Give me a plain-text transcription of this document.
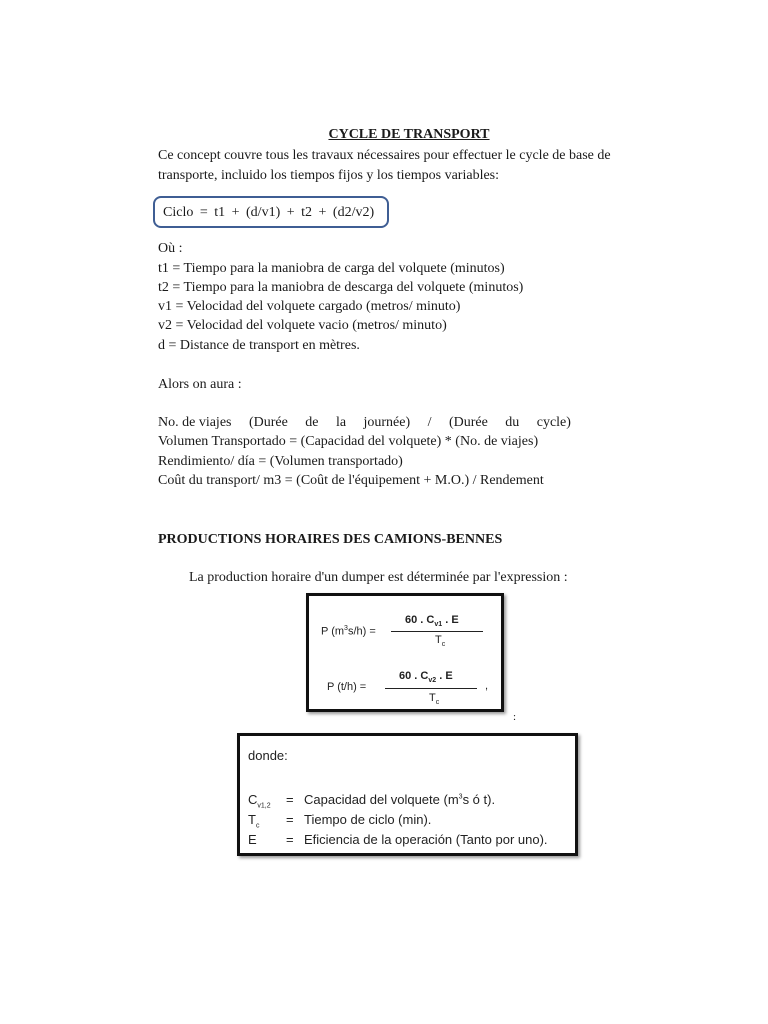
CYCLE DE TRANSPORT
Ce concept couvre tous les travaux nécessaires pour effectuer le cycle de base de transporte, incluido los tiempos fijos y los tiempos variables:
Ciclo = t1 + (d/v1) + t2 + (d2/v2)
Où :
t1 = Tiempo para la maniobra de carga del volquete (minutos)
t2 = Tiempo para la maniobra de descarga del volquete (minutos)
v1 = Velocidad del volquete cargado (metros/ minuto)
v2 = Velocidad del volquete vacio (metros/ minuto)
d = Distance de transport en mètres.
Alors on aura :
No. de viajes (Durée de la journée) / (Durée du cycle)
Volumen Transportado = (Capacidad del volquete) * (No. de viajes)
Rendimiento/ día = (Volumen transportado)
Coût du transport/ m3 = (Coût de l'équipement + M.O.) / Rendement
PRODUCTIONS HORAIRES DES CAMIONS-BENNES
La production horaire d'un dumper est déterminée par l'expression :
P $(m^3s/h)$ =
60 . $C_{v1}$ . E
$T_c$
P (t/h) =
60 . $C_{v2}$ . E
$T_c$
,
:
donde:
$C_{v1,2}$ = Capacidad del volquete ($m^3s$ ó t).
$T_c$ = Tiempo de ciclo (min).
E = Eficiencia de la operación (Tanto por uno).
